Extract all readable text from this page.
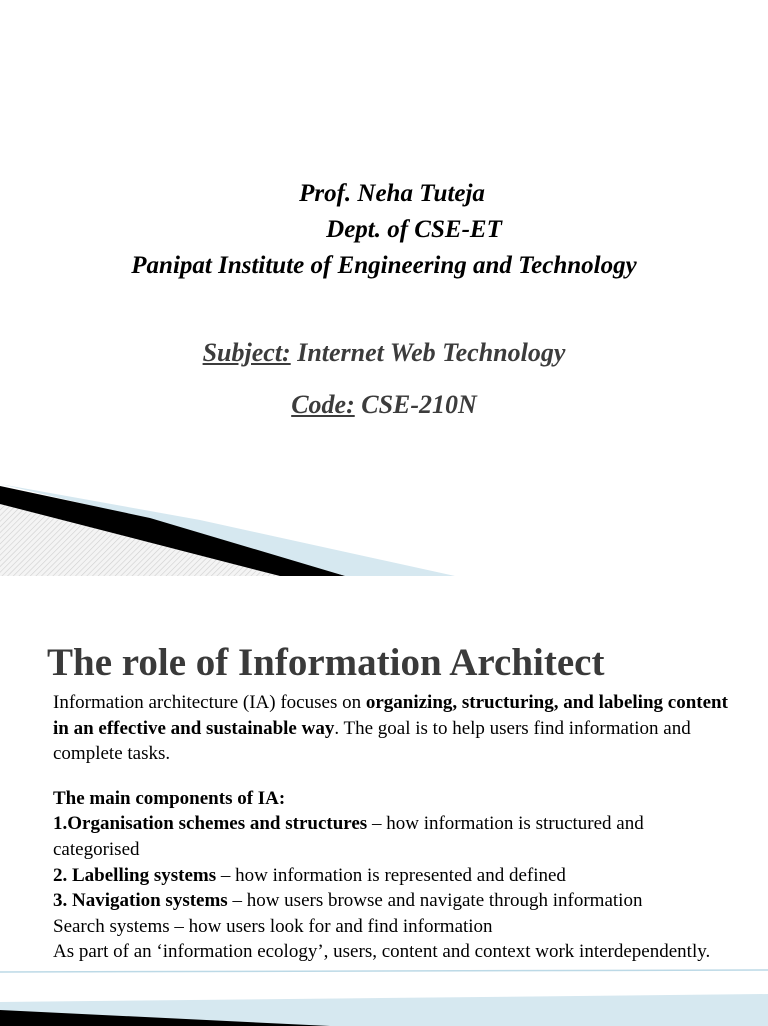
Prof. Neha Tuteja
Dept. of CSE-ET
Panipat Institute of Engineering and Technology
Subject: Internet Web Technology
Code: CSE-210N
The role of Information Architect

Information architecture (IA) focuses on organizing, structuring, and labeling content in an effective and sustainable way. The goal is to help users find information and complete tasks.

The main components of IA:

1.Organisation schemes and structures – how information is structured and categorised

2. Labelling systems – how information is represented and defined

3. Navigation systems – how users browse and navigate through information

Search systems – how users look for and find information

As part of an ‘information ecology’, users, content and context work interdependently.
